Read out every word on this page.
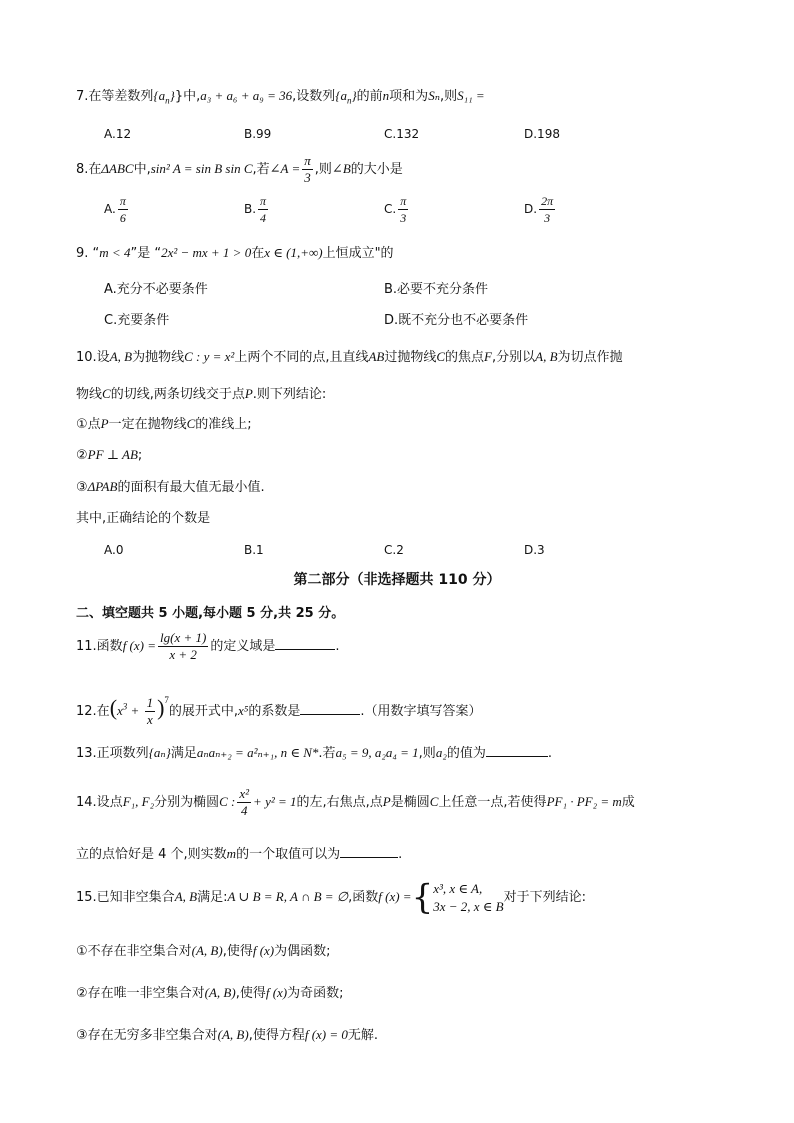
7.在等差数列$\{a_n\}$}中,a₃ + a₆ + a₉ = 36,设数列$\{a_n\}$的前n项和为Sₙ,则S₁₁ =
A.12	B.99	C.132	D.198
8.在ΔABC中,sin² A = sin B sin C,若∠A = $\frac{\pi}{3}$ ,则∠B的大小是
A. $\frac{\pi}{6}$	B. $\frac{\pi}{4}$	C. $\frac{\pi}{3}$	D. $\frac{2\pi}{3}$
9. “m < 4”是 “2x² − mx + 1 > 0在x ∈ (1,+∞)上恒成立"的
A.充分不必要条件	B.必要不充分条件
C.充要条件	D.既不充分也不必要条件
10.设A, B为抛物线C : y = x²上两个不同的点,且直线AB过抛物线C的焦点F,分别以A, B为切点作抛
物线C的切线,两条切线交于点P.则下列结论:
①点P一定在抛物线C的准线上;
②PF ⊥ AB;
③ΔPAB的面积有最大值无最小值.
其中,正确结论的个数是
A.0	B.1	C.2	D.3
第二部分（非选择题共 110 分）
二、填空题共 5 小题,每小题 5 分,共 25 分。
11.函数f $(x) = \frac{\lg(x + 1)}{x + 2}$ 的定义域是	.
12.在$(x^3 + \frac{1}{x} )^7$的展开式中,x⁵的系数是	.（用数字填写答案）
13.正项数列{aₙ}满足aₙaₙ₊₂ = a²ₙ₊₁, n ∈ N*.若a₅ = 9, a₂a₄ = 1,则a₂的值为	.
14.设点F₁, F₂分别为椭圆C : $\frac{\text{x²}}{4} + y^2 = 1$的左,右焦点,点P是椭圆C上任意一点,若使得PF₁ · PF₂ = m成
立的点恰好是 4 个,则实数m的一个取值可以为	.
15.已知非空集合A, B满足:A ∪ B = R, A ∩ B = ∅,函数f (x) ={ x³, x ∈ A,
3x − 2, x ∈ B
对于下列结论:
①不存在非空集合对(A, B),使得f (x)为偶函数;
②存在唯一非空集合对(A, B),使得f (x)为奇函数;
③存在无穷多非空集合对(A, B),使得方程f (x) = 0无解.
